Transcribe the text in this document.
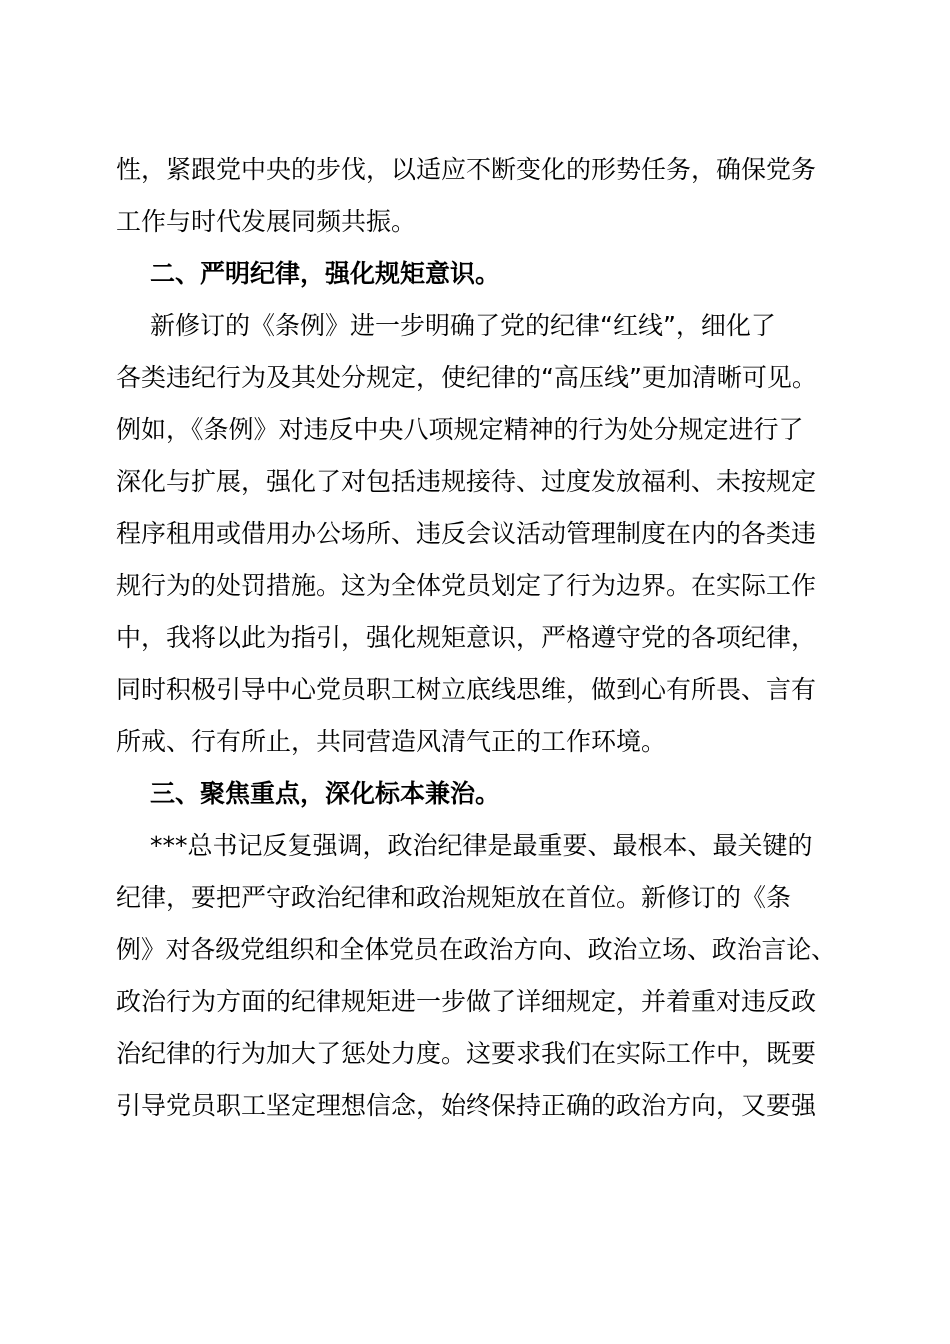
性，紧跟党中央的步伐，以适应不断变化的形势任务，确保党务
工作与时代发展同频共振。
二、严明纪律，强化规矩意识。
新修订的《条例》进一步明确了党的纪律“红线”，细化了
各类违纪行为及其处分规定，使纪律的“高压线”更加清晰可见。
例如，《条例》对违反中央八项规定精神的行为处分规定进行了
深化与扩展，强化了对包括违规接待、过度发放福利、未按规定
程序租用或借用办公场所、违反会议活动管理制度在内的各类违
规行为的处罚措施。这为全体党员划定了行为边界。在实际工作
中，我将以此为指引，强化规矩意识，严格遵守党的各项纪律，
同时积极引导中心党员职工树立底线思维，做到心有所畏、言有
所戒、行有所止，共同营造风清气正的工作环境。
三、聚焦重点，深化标本兼治。
***总书记反复强调，政治纪律是最重要、最根本、最关键的
纪律，要把严守政治纪律和政治规矩放在首位。新修订的《条
例》对各级党组织和全体党员在政治方向、政治立场、政治言论、
政治行为方面的纪律规矩进一步做了详细规定，并着重对违反政
治纪律的行为加大了惩处力度。这要求我们在实际工作中，既要
引导党员职工坚定理想信念，始终保持正确的政治方向，又要强
